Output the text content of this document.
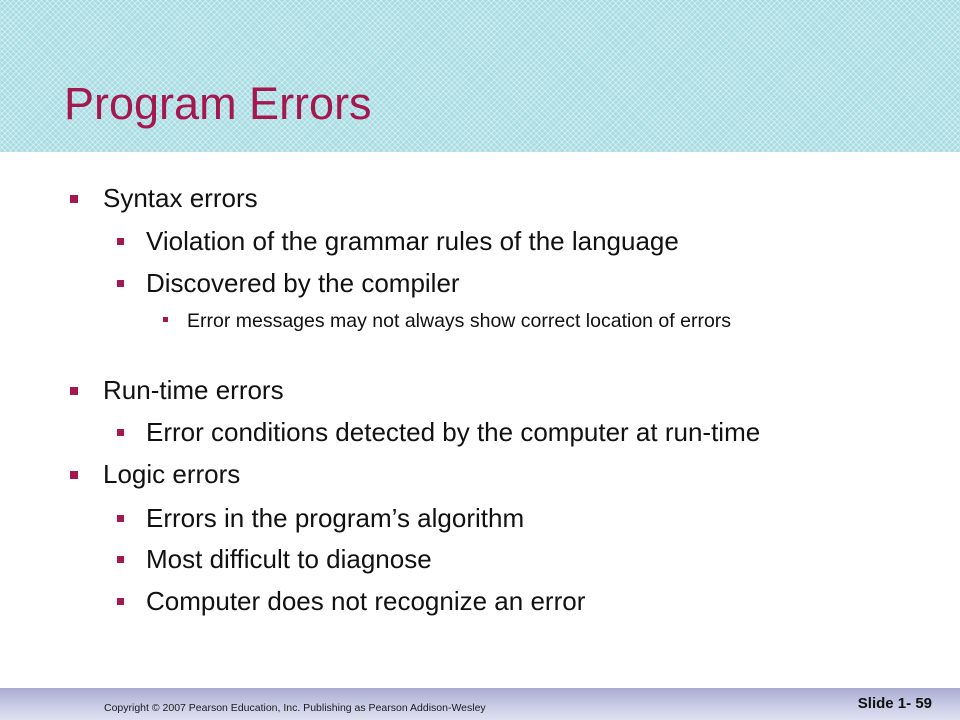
Program Errors
Syntax errors
Violation of the grammar rules of the language
Discovered by the compiler
Error messages may not always show correct location of errors
Run-time errors
Error conditions detected by the computer at run-time
Logic errors
Errors in the program’s algorithm
Most difficult to diagnose
Computer does not recognize an error
Copyright © 2007 Pearson Education, Inc. Publishing as Pearson Addison-Wesley	Slide 1- 59
